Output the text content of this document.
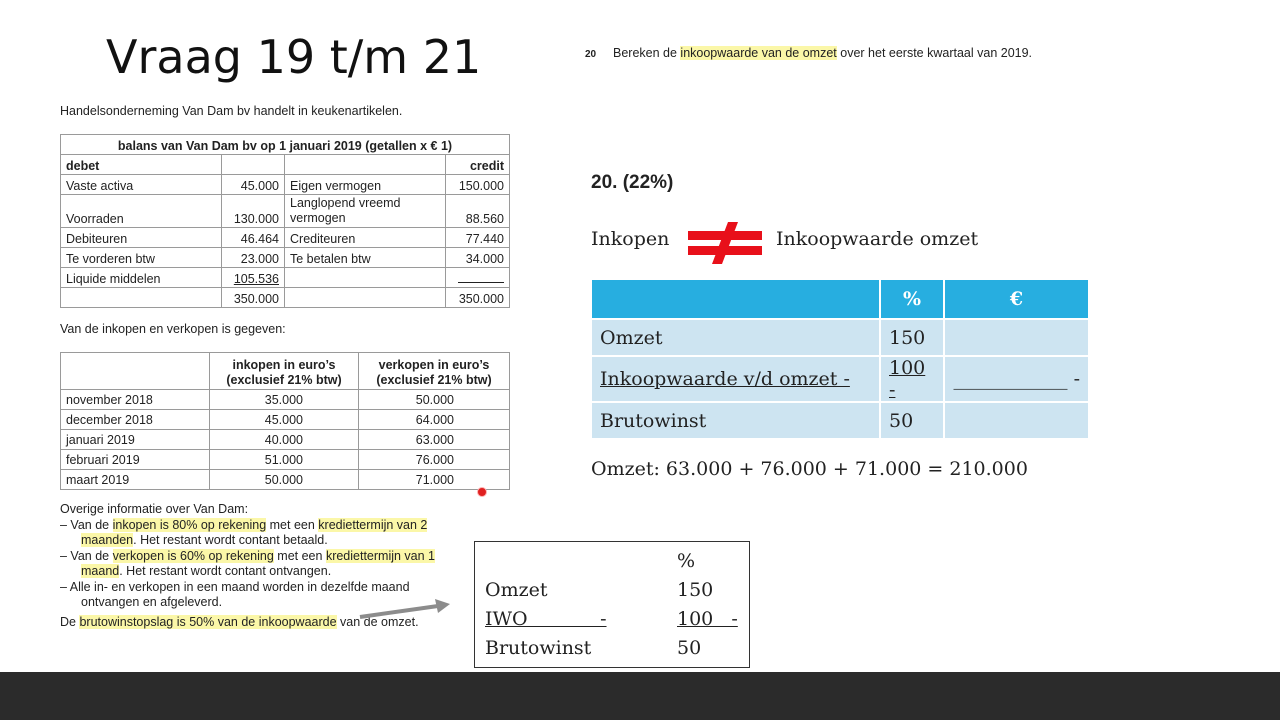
Vraag 19 t/m 21
Handelsonderneming Van Dam bv handelt in keukenartikelen.
balans van Van Dam bv op 1 januari 2019 (getallen x € 1)			
debet			credit
Vaste activa	45.000	Eigen vermogen	150.000
Voorraden	130.000	Langlopend vreemd vermogen	88.560
Debiteuren	46.464	Crediteuren	77.440
Te vorderen btw	23.000	Te betalen btw	34.000
Liquide middelen	105.536		
	350.000		350.000
Van de inkopen en verkopen is gegeven:
	inkopen in euro’s (exclusief 21% btw)	verkopen in euro’s (exclusief 21% btw)
november 2018	35.000	50.000
december 2018	45.000	64.000
januari 2019	40.000	63.000
februari 2019	51.000	76.000
maart 2019	50.000	71.000
Overige informatie over Van Dam:
– Van de inkopen is 80% op rekening met een krediettermijn van 2 maanden. Het restant wordt contant betaald.
– Van de verkopen is 60% op rekening met een krediettermijn van 1 maand. Het restant wordt contant ontvangen.
– Alle in- en verkopen in een maand worden in dezelfde maand ontvangen en afgeleverd.
De brutowinstopslag is 50% van de inkoopwaarde van de omzet.
20 Bereken de inkoopwaarde van de omzet over het eerste kwartaal van 2019.
20. (22%)
Inkopen	Inkoopwaarde omzet
	%	€
Omzet	150	
Inkoopwaarde v/d omzet -	100 -	____________ -
Brutowinst	50	
Omzet: 63.000 + 76.000 + 71.000 = 210.000
%
Omzet	150
IWO            -	100   -
Brutowinst	50
